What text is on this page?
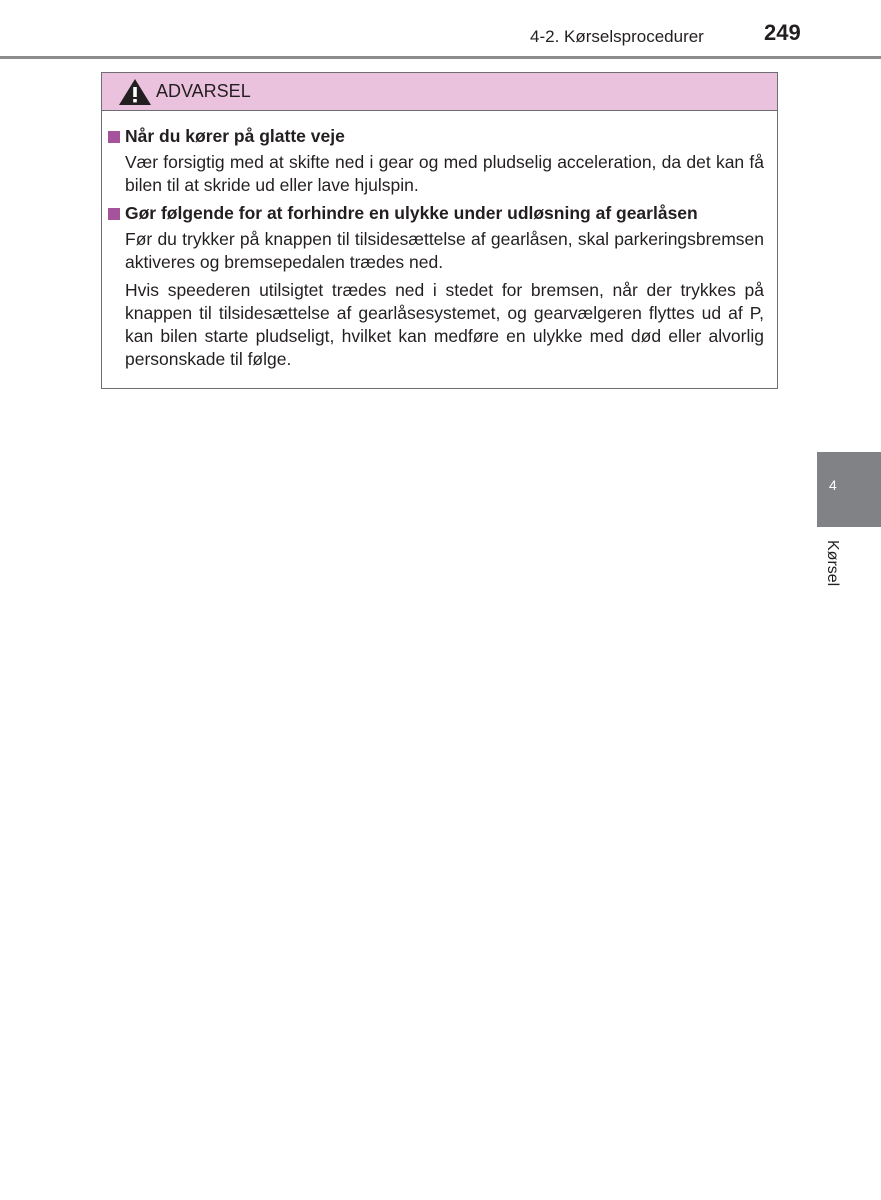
4-2. Kørselsprocedurer	249
ADVARSEL
Når du kører på glatte veje
Vær forsigtig med at skifte ned i gear og med pludselig acceleration, da det kan få bilen til at skride ud eller lave hjulspin.
Gør følgende for at forhindre en ulykke under udløsning af gearlåsen
Før du trykker på knappen til tilsidesættelse af gearlåsen, skal parkeringsbremsen aktiveres og bremsepedalen trædes ned.
Hvis speederen utilsigtet trædes ned i stedet for bremsen, når der trykkes på knappen til tilsidesættelse af gearlåsesystemet, og gearvælgeren flyttes ud af P, kan bilen starte pludseligt, hvilket kan medføre en ulykke med død eller alvorlig personskade til følge.
4
Kørsel
